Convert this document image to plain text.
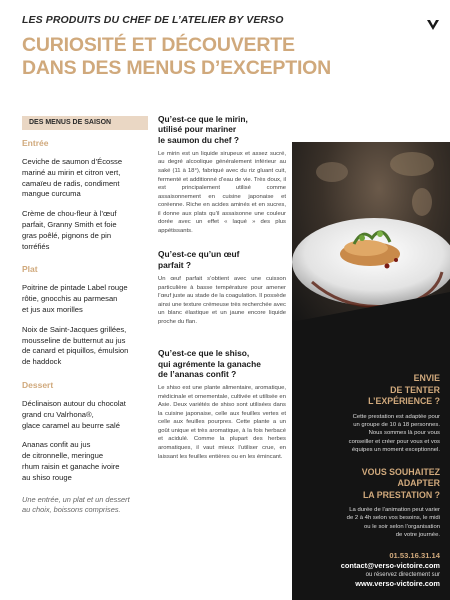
LES PRODUITS DU CHEF DE L’ATELIER BY VERSO
CURIOSITÉ ET DÉCOUVERTE
DANS DES MENUS D’EXCEPTION
DES MENUS DE SAISON
Entrée
Ceviche de saumon d’Écosse
mariné au mirin et citron vert,
camaïeu de radis, condiment
mangue curcuma
Crème de chou-fleur à l’œuf
parfait, Granny Smith et foie
gras poêlé, pignons de pin
torréfiés
Plat
Poitrine de pintade Label rouge
rôtie, gnocchis au parmesan
et jus aux morilles
Noix de Saint-Jacques grillées,
mousseline de butternut au jus
de canard et piquillos, émulsion
de haddock
Dessert
Déclinaison autour du chocolat
grand cru Valrhona®,
glace caramel au beurre salé
Ananas confit au jus
de citronnelle, meringue
rhum raisin et ganache ivoire
au shiso rouge
Une entrée, un plat et un dessert
au choix, boissons comprises.
Qu’est-ce que le mirin,
utilisé pour mariner
le saumon du chef ?
Le mirin est un liquide sirupeux et assez sucré, au degré alcoolique généralement inférieur au saké (11 à 18°), fabriqué avec du riz gluant cuit, fermenté et additionné d’eau de vie. Très doux, il est principalement utilisé comme assaisonnement en cuisine japonaise et coréenne. Riche en acides aminés et en sucres, il donne aux plats qu’il assaisonne une couleur dorée avec un effet « laqué » des plus appétissants.
Qu’est-ce qu’un œuf
parfait ?
Un œuf parfait s’obtient avec une cuisson particulière à basse température pour amener l’œuf juste au stade de la coagulation. Il possède ainsi une texture crémeuse très recherchée avec un blanc élastique et un jaune encore liquide proche du flan.
Qu’est-ce que le shiso,
qui agrémente la ganache
de l’ananas confit ?
Le shiso est une plante alimentaire, aromatique, médicinale et ornementale, cultivée et utilisée en Asie. Deux variétés de shiso sont utilisées dans la cuisine japonaise, celle aux feuilles vertes et celle aux feuilles pourpres. Cette plante a un goût unique et très aromatique, à la fois herbacé et acidulé. Comme la plupart des herbes aromatiques, il vaut mieux l’utiliser crue, en laissant les feuilles entières ou en les émincant.
ENVIE
DE TENTER
L’EXPÉRIENCE ?
Cette prestation est adaptée pour
un groupe de 10 à 18 personnes.
Nous sommes là pour vous
conseiller et créer pour vous et vos
équipes un moment exceptionnel.
VOUS SOUHAITEZ
ADAPTER
LA PRESTATION ?
La durée de l’animation peut varier
de 2 à 4h selon vos besoins, le midi
ou le soir selon l’organisation
de votre journée.
01.53.16.31.14
contact@verso-victoire.com
ou réservez directement sur
www.verso-victoire.com
